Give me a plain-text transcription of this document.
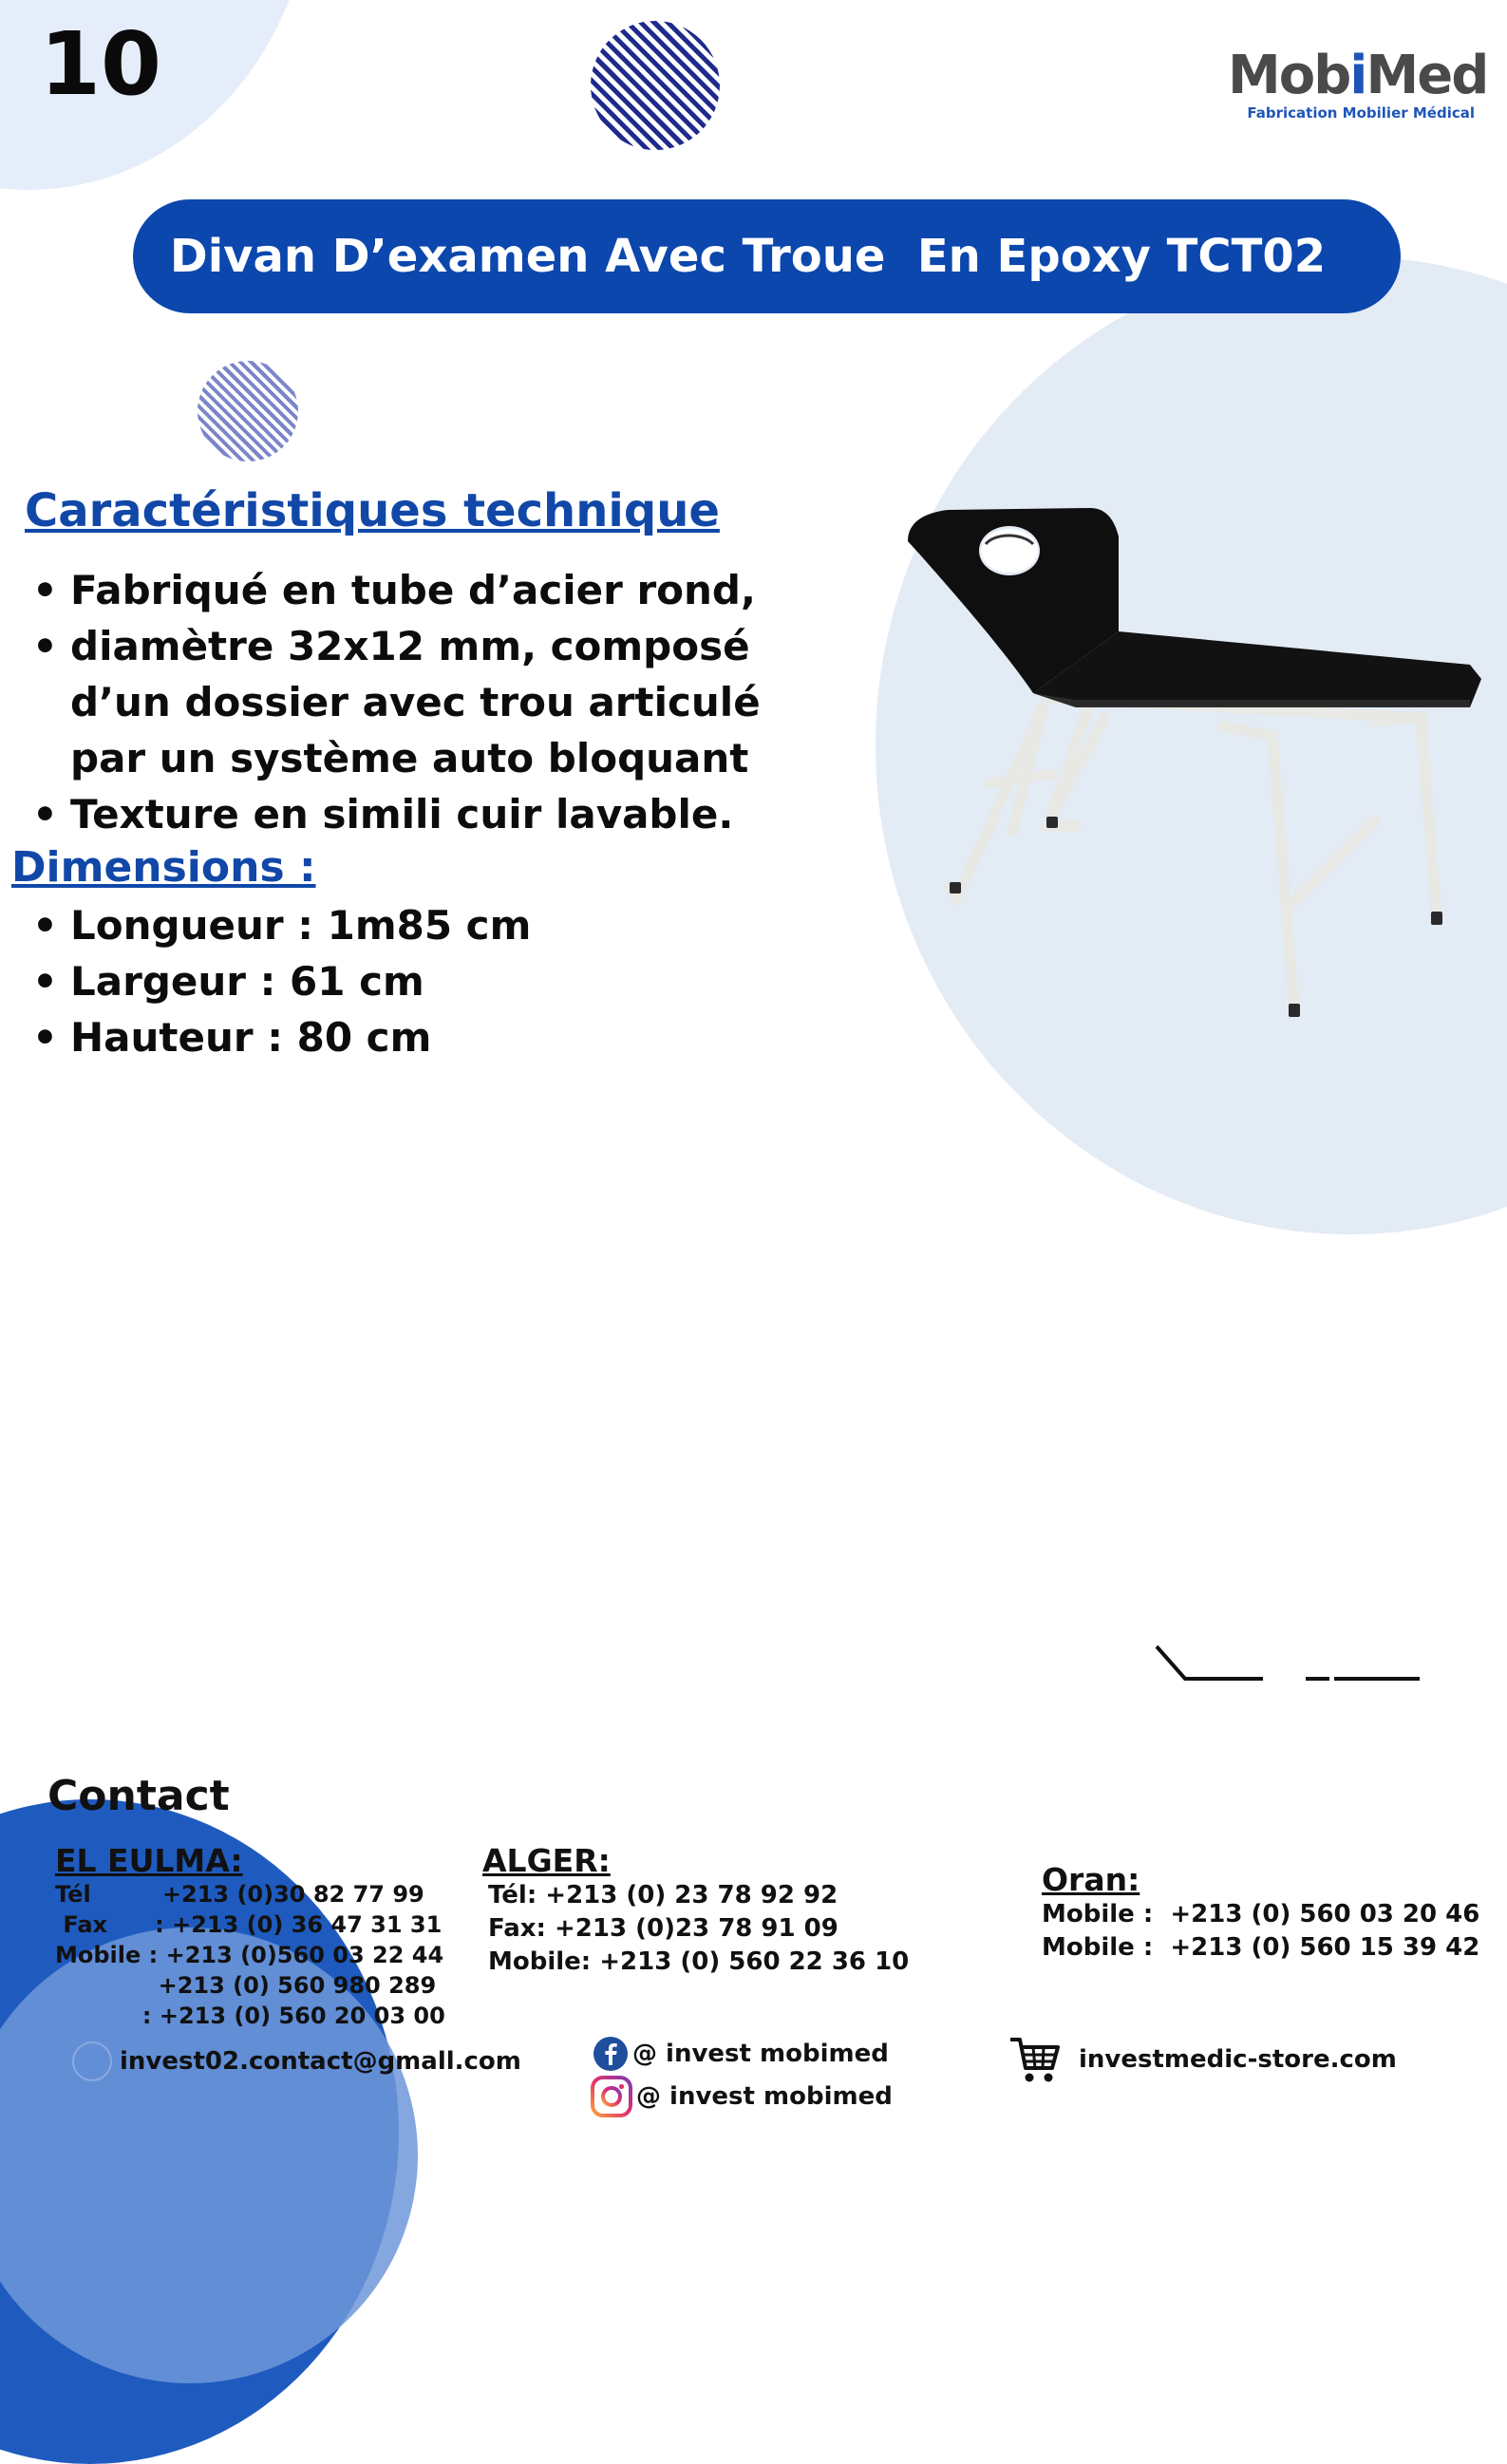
10	MobiMed
Fabrication Mobilier Médical
Divan D’examen Avec Troue  En Epoxy TCT02
Caractéristiques technique
• Fabriqué en tube d’acier rond,
• diamètre 32x12 mm, composé d’un dossier avec trou articulé par un système auto bloquant
• Texture en simili cuir lavable.
Dimensions :
• Longueur : 1m85 cm
• Largeur : 61 cm
• Hauteur : 80 cm
Contact
EL EULMA:
Tél         +213 (0)30 82 77 99
Fax      : +213 (0) 36 47 31 31
Mobile : +213 (0)560 03 22 44
+213 (0) 560 980 289
: +213 (0) 560 20 03 00
ALGER:
Tél: +213 (0) 23 78 92 92
Fax: +213 (0)23 78 91 09
Mobile: +213 (0) 560 22 36 10
Oran:
Mobile :  +213 (0) 560 03 20 46
Mobile :  +213 (0) 560 15 39 42
invest02.contact@gmall.com	@ invest mobimed
@ invest mobimed
investmedic-store.com
